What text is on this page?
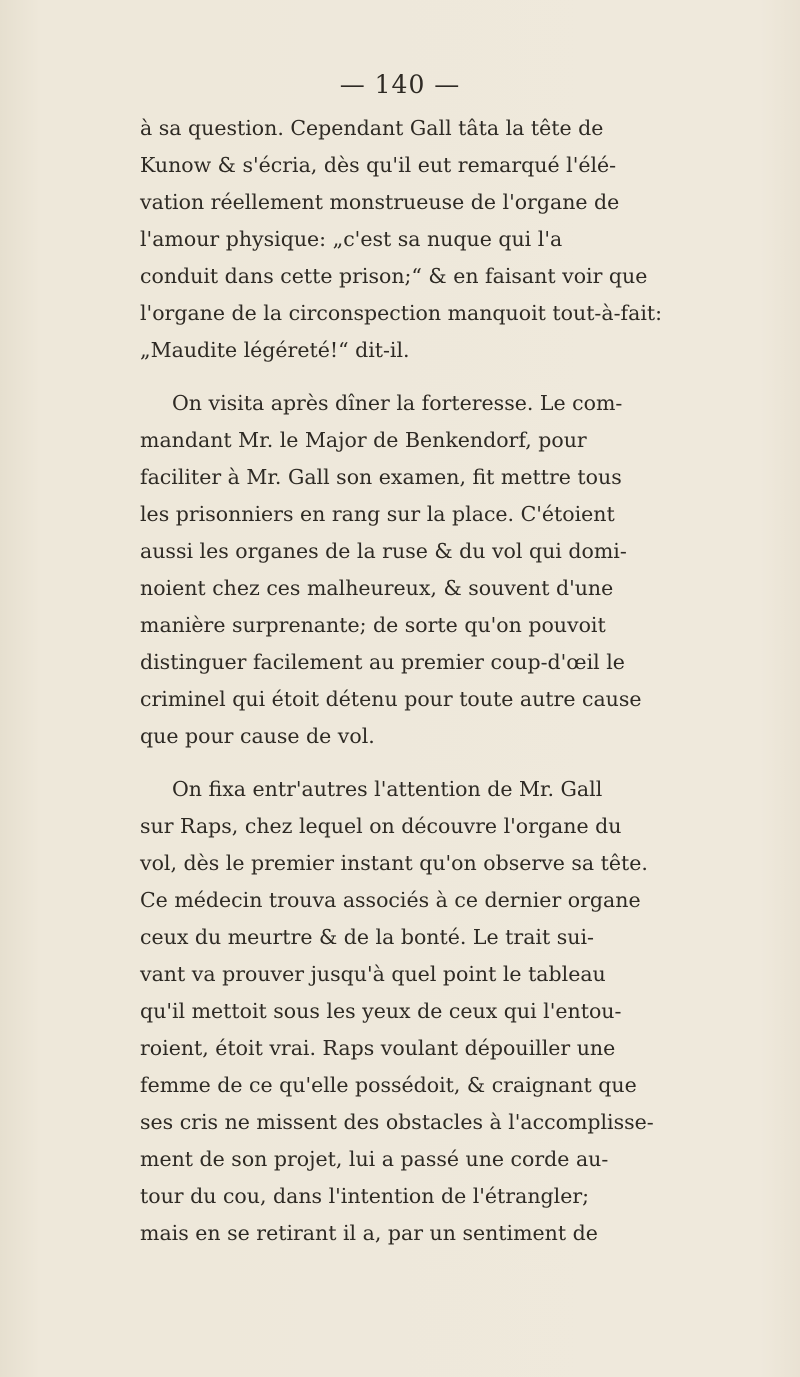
— 140 —
à sa question. Cependant Gall tâta la tête de
Kunow & s'écria, dès qu'il eut remarqué l'élé-
vation réellement monstrueuse de l'organe de
l'amour physique: „c'est sa nuque qui l'a
conduit dans cette prison;“ & en faisant voir que
l'organe de la circonspection manquoit tout-à-fait:
„Maudite légéreté!“ dit-il.
On visita après dîner la forteresse. Le com-
mandant Mr. le Major de Benkendorf, pour
faciliter à Mr. Gall son examen, fit mettre tous
les prisonniers en rang sur la place. C'étoient
aussi les organes de la ruse & du vol qui domi-
noient chez ces malheureux, & souvent d'une
manière surprenante; de sorte qu'on pouvoit
distinguer facilement au premier coup-d'œil le
criminel qui étoit détenu pour toute autre cause
que pour cause de vol.
On fixa entr'autres l'attention de Mr. Gall
sur Raps, chez lequel on découvre l'organe du
vol, dès le premier instant qu'on observe sa tête.
Ce médecin trouva associés à ce dernier organe
ceux du meurtre & de la bonté. Le trait sui-
vant va prouver jusqu'à quel point le tableau
qu'il mettoit sous les yeux de ceux qui l'entou-
roient, étoit vrai. Raps voulant dépouiller une
femme de ce qu'elle possédoit, & craignant que
ses cris ne missent des obstacles à l'accomplisse-
ment de son projet, lui a passé une corde au-
tour du cou, dans l'intention de l'étrangler;
mais en se retirant il a, par un sentiment de
